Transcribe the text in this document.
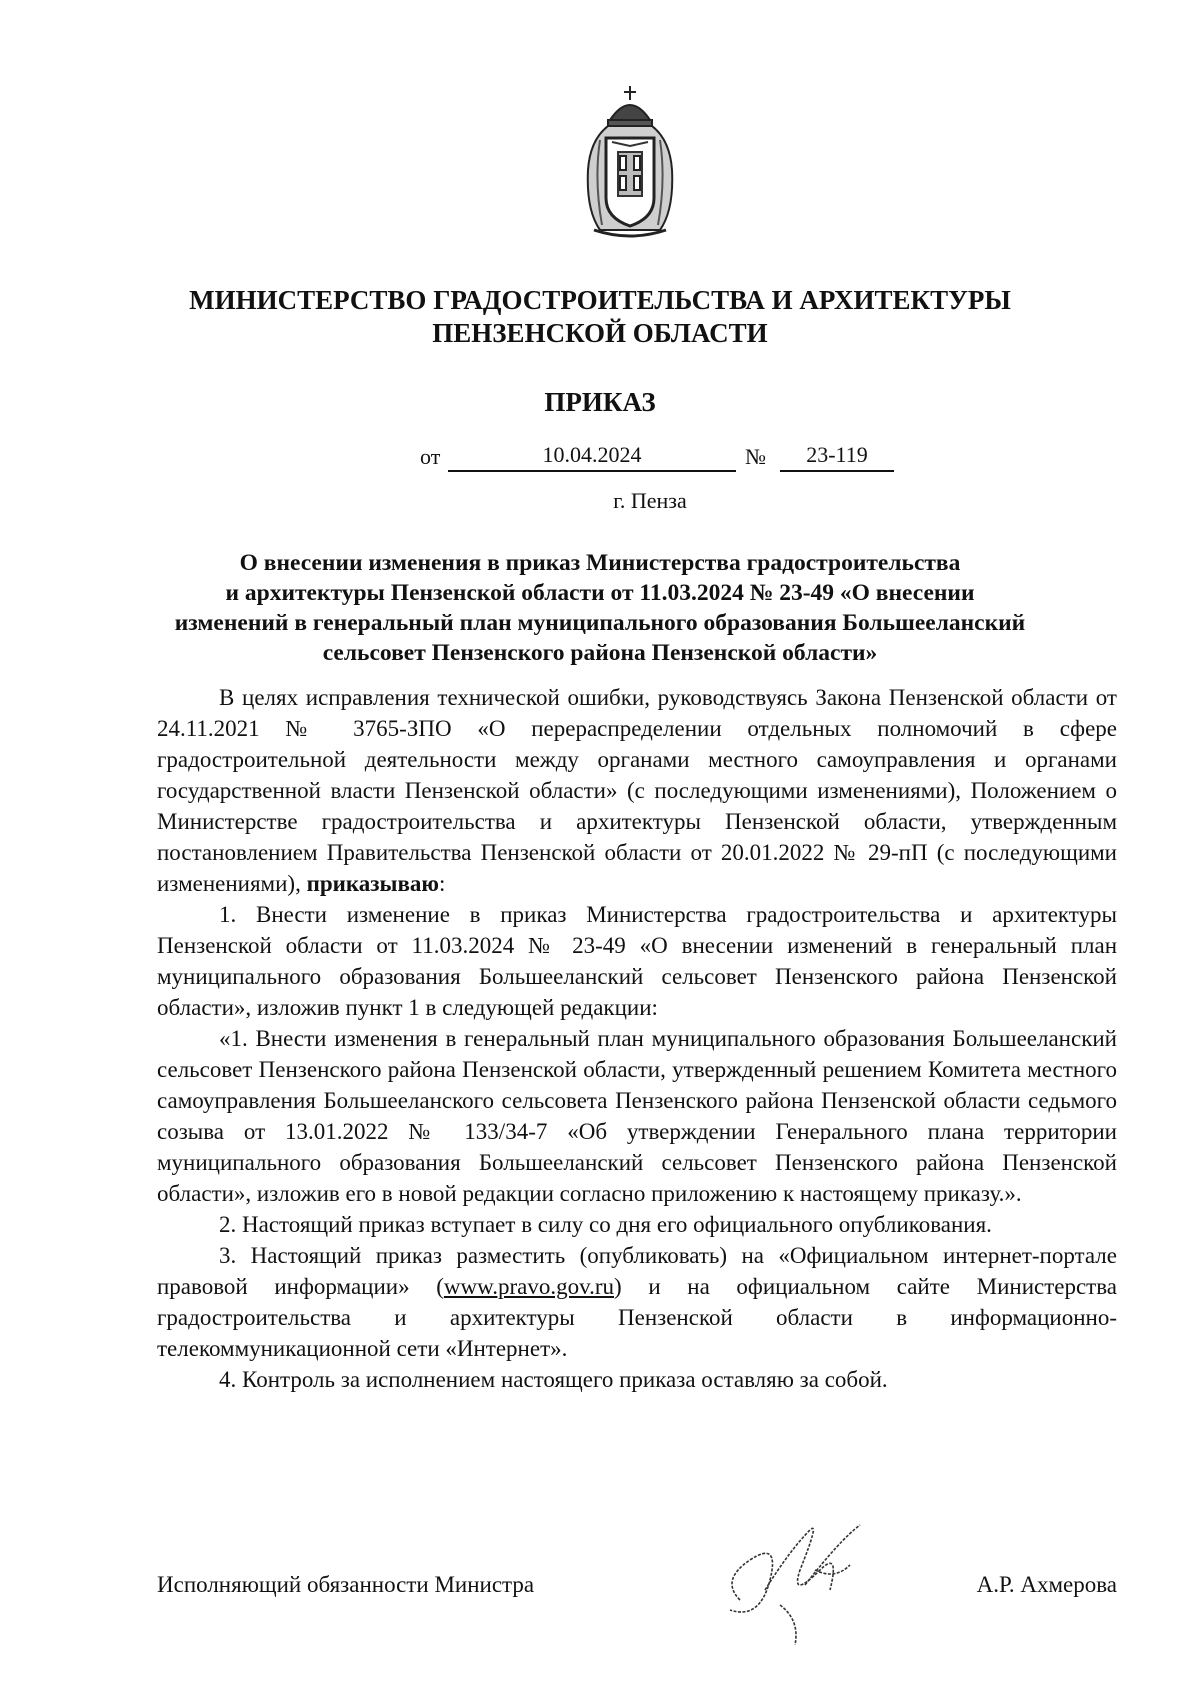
МИНИСТЕРСТВО ГРАДОСТРОИТЕЛЬСТВА И АРХИТЕКТУРЫ
ПЕНЗЕНСКОЙ ОБЛАСТИ
ПРИКАЗ
от	10.04.2024	№	23-119
г. Пенза
О внесении изменения в приказ Министерства градостроительства
и архитектуры Пензенской области от 11.03.2024 № 23-49 «О внесении
изменений в генеральный план муниципального образования Большееланский
сельсовет Пензенского района Пензенской области»

В целях исправления технической ошибки, руководствуясь Закона Пензенской области от 24.11.2021 № 3765-ЗПО «О перераспределении отдельных полномочий в сфере градостроительной деятельности между органами местного самоуправления и органами государственной власти Пензенской области» (с последующими изменениями), Положением о Министерстве градостроительства и архитектуры Пензенской области, утвержденным постановлением Правительства Пензенской области от 20.01.2022 № 29-пП (с последующими изменениями), приказываю:

1. Внести изменение в приказ Министерства градостроительства и архитектуры Пензенской области от 11.03.2024 № 23-49 «О внесении изменений в генеральный план муниципального образования Большееланский сельсовет Пензенского района Пензенской области», изложив пункт 1 в следующей редакции:

«1. Внести изменения в генеральный план муниципального образования Большееланский сельсовет Пензенского района Пензенской области, утвержденный решением Комитета местного самоуправления Большееланского сельсовета Пензенского района Пензенской области седьмого созыва от 13.01.2022 № 133/34-7 «Об утверждении Генерального плана территории муниципального образования Большееланский сельсовет Пензенского района Пензенской области», изложив его в новой редакции согласно приложению к настоящему приказу.».

2. Настоящий приказ вступает в силу со дня его официального опубликования.

3. Настоящий приказ разместить (опубликовать) на «Официальном интернет-портале правовой информации» (www.pravo.gov.ru) и на официальном сайте Министерства градостроительства и архитектуры Пензенской области в информационно-телекоммуникационной сети «Интернет».

4. Контроль за исполнением настоящего приказа оставляю за собой.

Исполняющий обязанности Министра	А.Р. Ахмерова
